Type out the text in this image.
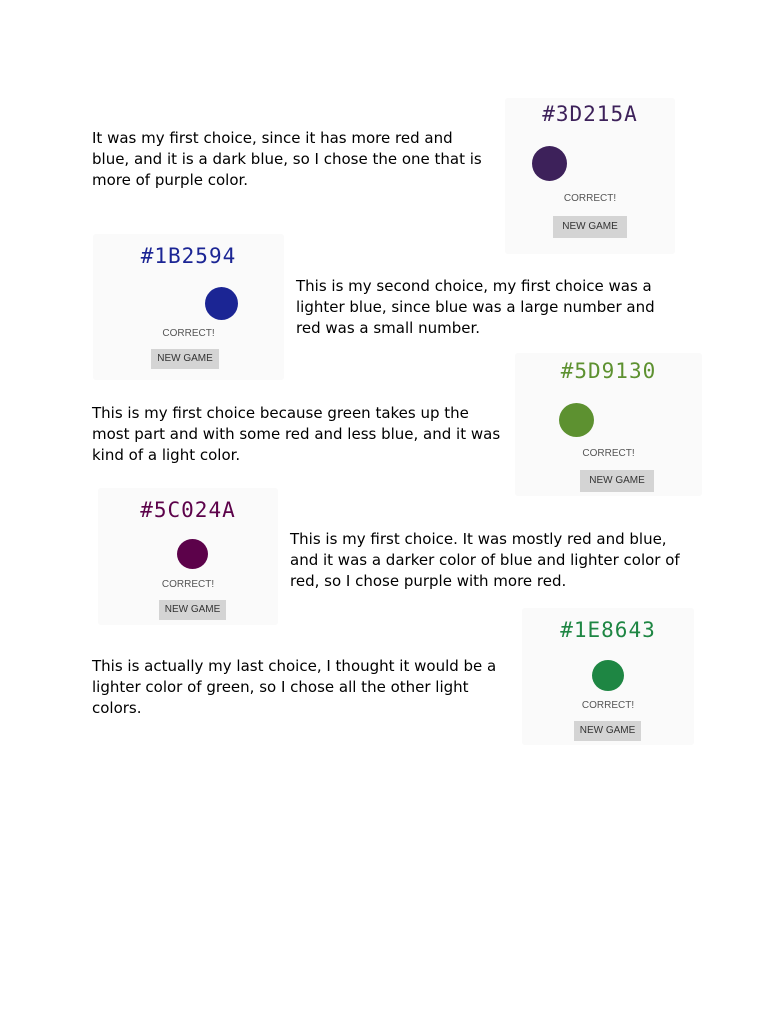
It was my first choice, since it has more red and blue, and it is a dark blue, so I chose the one that is more of purple color.

#3D215A
CORRECT!
NEW GAME
#1B2594
CORRECT!
NEW GAME

This is my second choice, my first choice was a lighter blue, since blue was a large number and red was a small number.

#5D9130
CORRECT!
NEW GAME

This is my first choice because green takes up the most part and with some red and less blue, and it was kind of a light color.

#5C024A
CORRECT!
NEW GAME

This is my first choice. It was mostly red and blue, and it was a darker color of blue and lighter color of red, so I chose purple with more red.

#1E8643
CORRECT!
NEW GAME

This is actually my last choice, I thought it would be a lighter color of green, so I chose all the other light colors.
